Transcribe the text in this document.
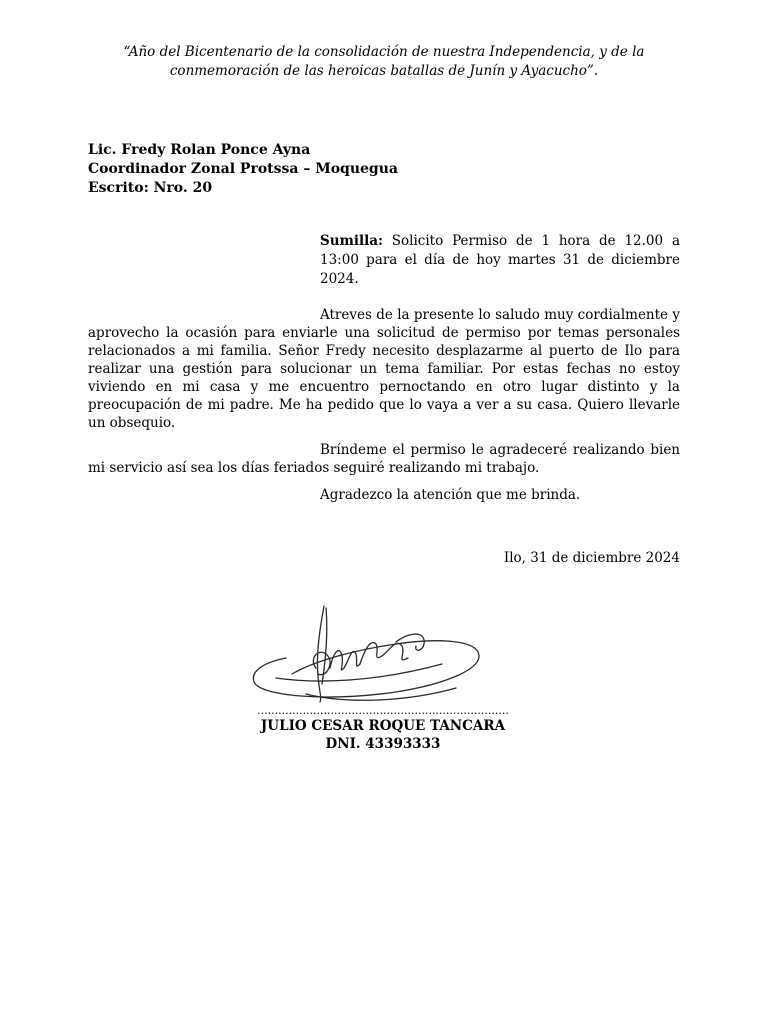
“Año del Bicentenario de la consolidación de nuestra Independencia, y de la conmemoración de las heroicas batallas de Junín y Ayacucho”.
Lic. Fredy Rolan Ponce Ayna
Coordinador Zonal Protssa – Moquegua
Escrito: Nro. 20
Sumilla: Solicito Permiso de 1 hora de 12.00 a 13:00 para el día de hoy martes 31 de diciembre 2024.

Atreves de la presente lo saludo muy cordialmente y aprovecho la ocasión para enviarle una solicitud de permiso por temas personales relacionados a mi familia. Señor Fredy necesito desplazarme al puerto de Ilo para realizar una gestión para solucionar un tema familiar. Por estas fechas no estoy viviendo en mi casa y me encuentro pernoctando en otro lugar distinto y la preocupación de mi padre. Me ha pedido que lo vaya a ver a su casa. Quiero llevarle un obsequio.

Bríndeme el permiso le agradeceré realizando bien mi servicio así sea los días feriados seguiré realizando mi trabajo.

Agradezco la atención que me brinda.

Ilo, 31 de diciembre 2024
........................................................................
JULIO CESAR ROQUE TANCARA
DNI. 43393333
